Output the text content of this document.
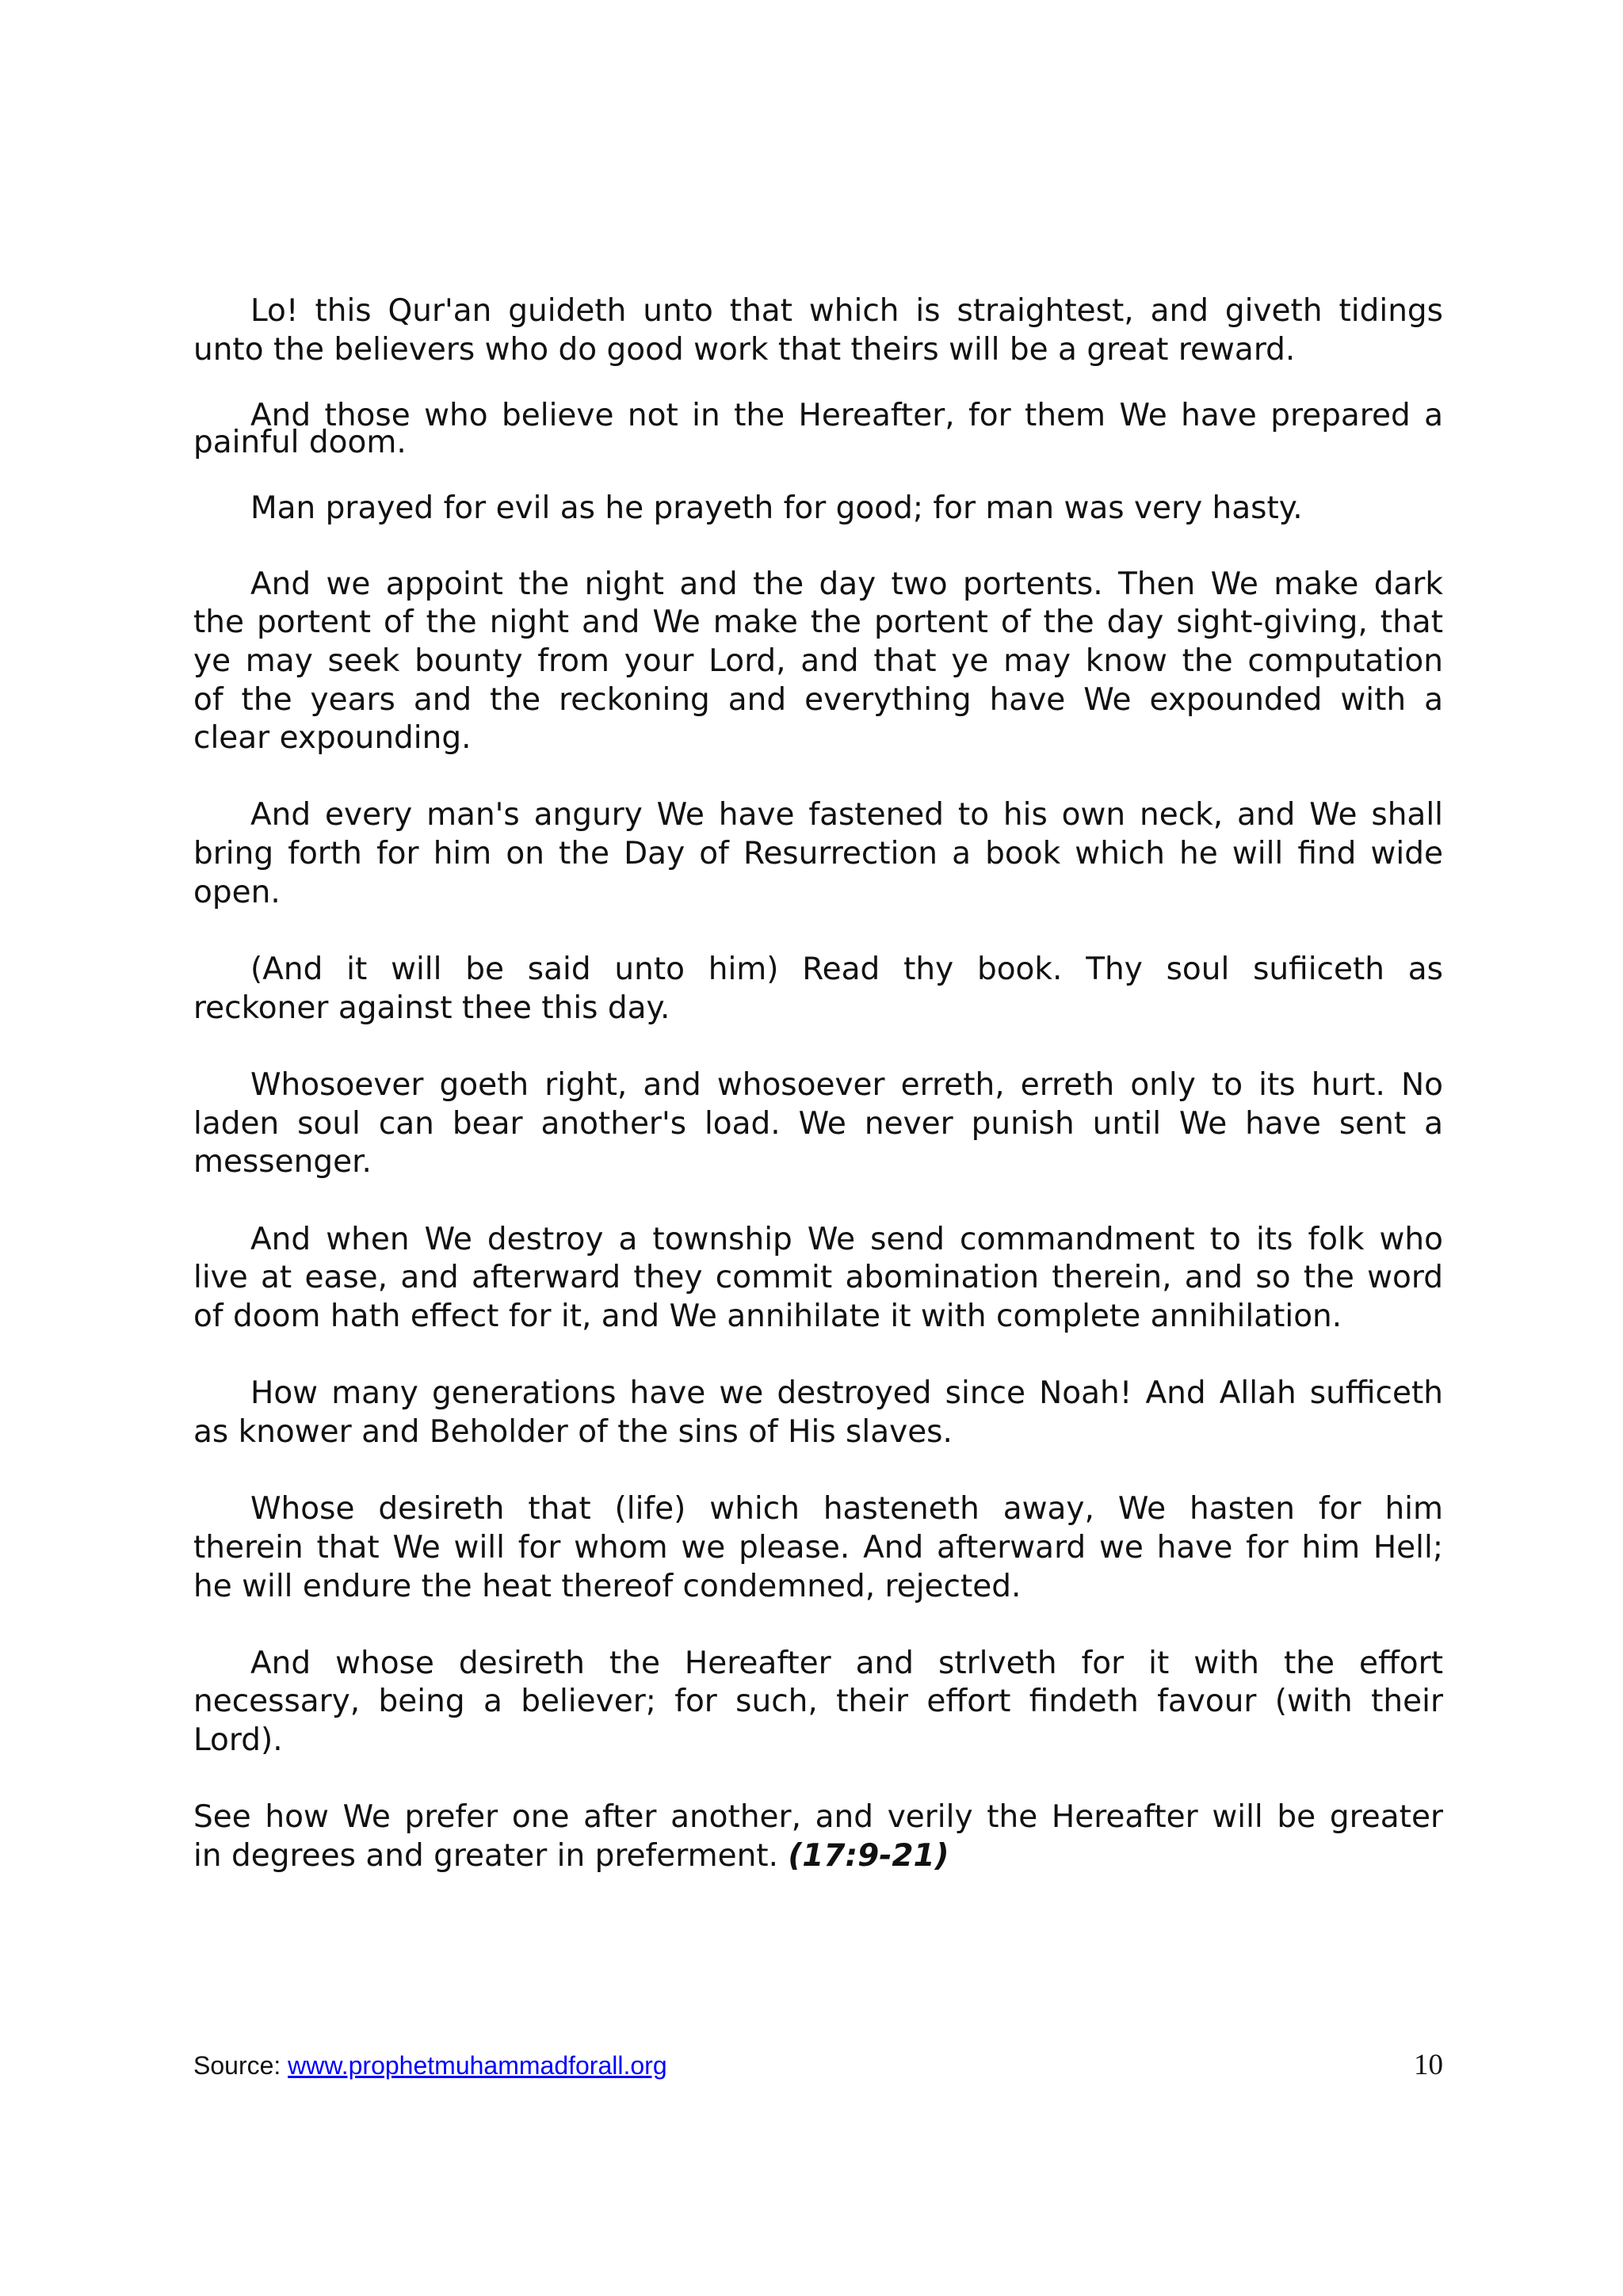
Lo! this Qur'an guideth unto that which is straightest, and giveth tidings
unto the believers who do good work that theirs will be a great reward.
And those who believe not in the Hereafter, for them We have prepared a
painful doom.
Man prayed for evil as he prayeth for good; for man was very hasty.
And we appoint the night and the day two portents. Then We make dark
the portent of the night and We make the portent of the day sight-giving, that
ye may seek bounty from your Lord, and that ye may know the computation
of the years and the reckoning and everything have We expounded with a
clear expounding.
And every man's angury We have fastened to his own neck, and We shall
bring forth for him on the Day of Resurrection a book which he will find wide
open.
(And it will be said unto him) Read thy book. Thy soul sufiiceth as
reckoner against thee this day.
Whosoever goeth right, and whosoever erreth, erreth only to its hurt. No
laden soul can bear another's load. We never punish until We have sent a
messenger.
And when We destroy a township We send commandment to its folk who
live at ease, and afterward they commit abomination therein, and so the word
of doom hath effect for it, and We annihilate it with complete annihilation.
How many generations have we destroyed since Noah! And Allah sufficeth
as knower and Beholder of the sins of His slaves.
Whose desireth that (life) which hasteneth away, We hasten for him
therein that We will for whom we please. And afterward we have for him Hell;
he will endure the heat thereof condemned, rejected.
And whose desireth the Hereafter and strlveth for it with the effort
necessary, being a believer; for such, their effort findeth favour (with their
Lord).
See how We prefer one after another, and verily the Hereafter will be greater
in degrees and greater in preferment. (17:9-21)
Source: www.prophetmuhammadforall.org	10
